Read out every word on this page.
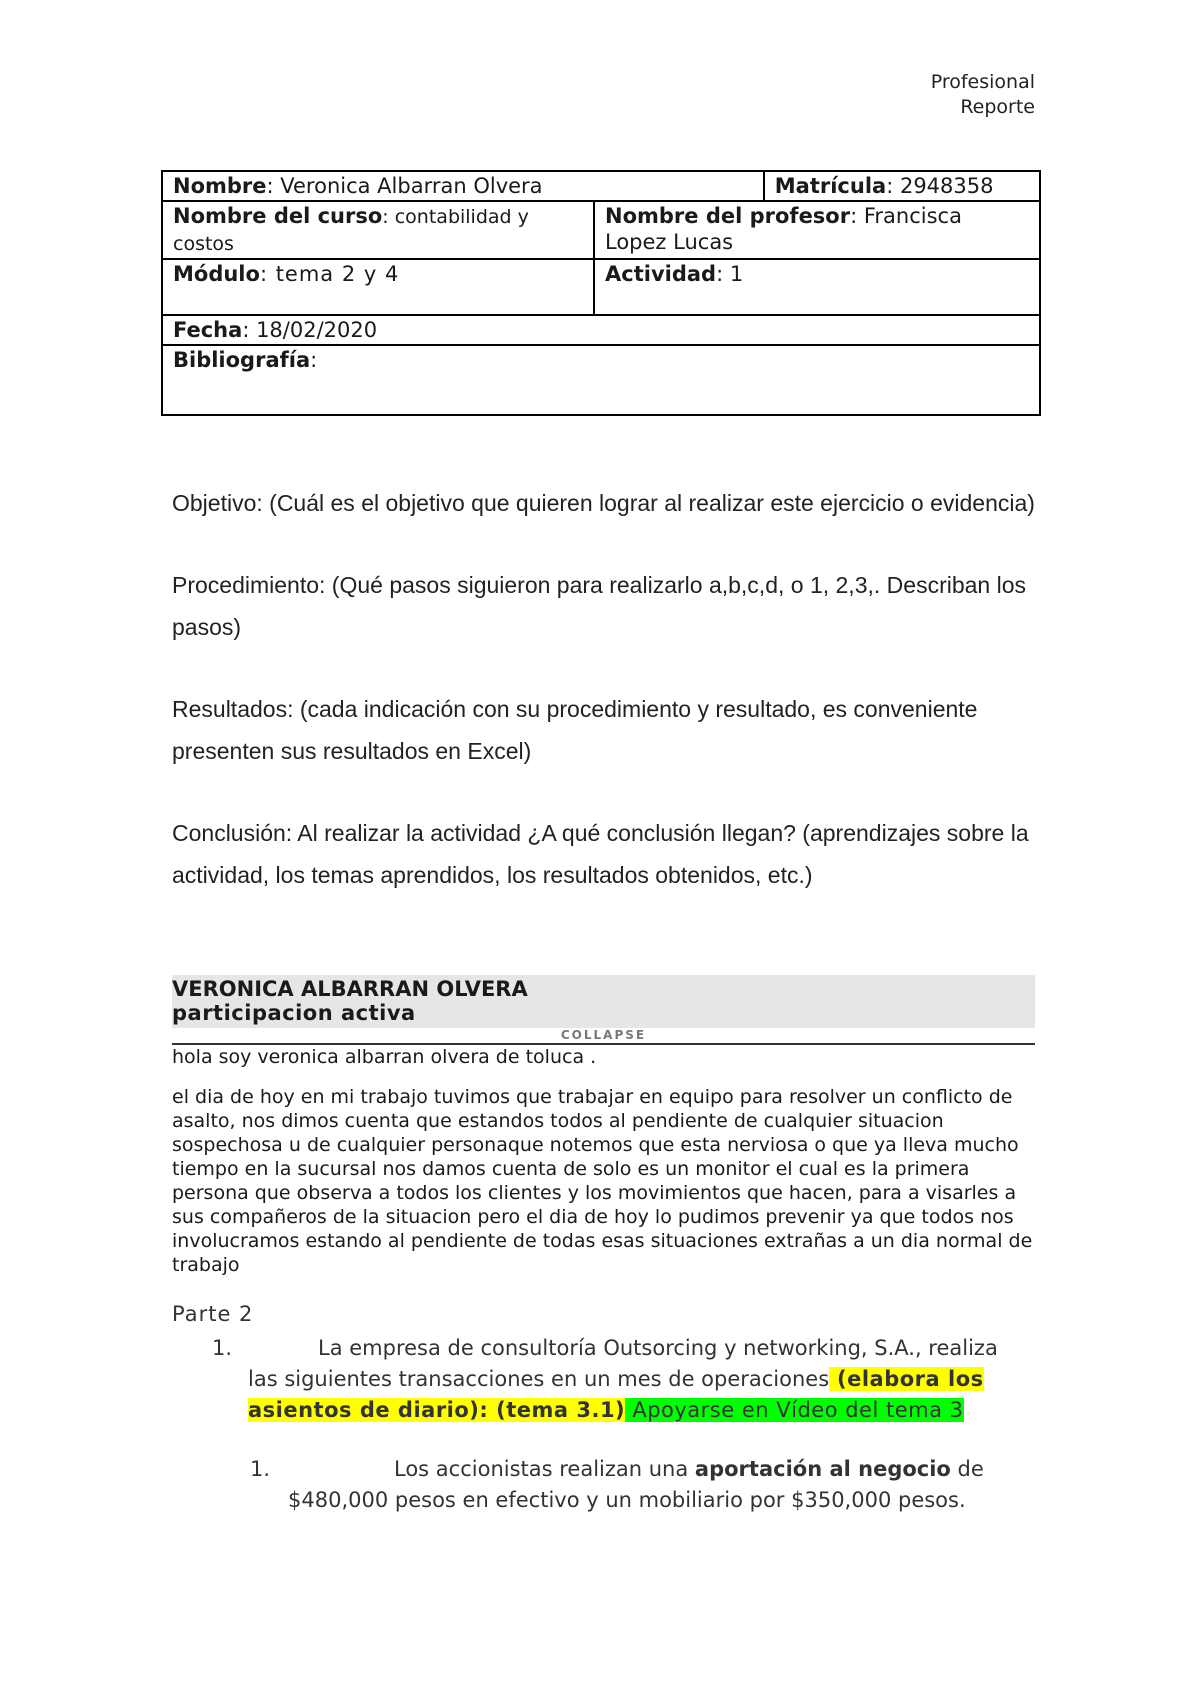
Profesional
Reporte
Nombre: Veronica Albarran Olvera		Matrícula: 2948358
Nombre del curso: contabilidad y costos	Nombre del profesor: Francisca Lopez Lucas	
Módulo: tema 2 y 4	Actividad: 1	
Fecha: 18/02/2020		
Bibliografía:		

Objetivo: (Cuál es el objetivo que quieren lograr al realizar este ejercicio o evidencia)

Procedimiento: (Qué pasos siguieron para realizarlo a,b,c,d, o 1, 2,3,. Describan los pasos)

Resultados: (cada indicación con su procedimiento y resultado, es conveniente presenten sus resultados en Excel)

Conclusión: Al realizar la actividad ¿A qué conclusión llegan? (aprendizajes sobre la actividad, los temas aprendidos, los resultados obtenidos, etc.)

VERONICA ALBARRAN OLVERA
participacion activa
COLLAPSE

hola soy veronica albarran olvera de toluca .

el dia de hoy en mi trabajo tuvimos que trabajar en equipo para resolver un conflicto de asalto, nos dimos cuenta que estandos todos al pendiente de cualquier situacion sospechosa u de cualquier personaque notemos que esta nerviosa o que ya lleva mucho tiempo en la sucursal nos damos cuenta de solo es un monitor el cual es la primera persona que observa a todos los clientes y los movimientos que hacen, para a visarles a sus compañeros de la situacion pero el dia de hoy lo pudimos prevenir ya que todos nos involucramos estando al pendiente de todas esas situaciones extrañas a un dia normal de trabajo

Parte 2
1.	La empresa de consultoría Outsorcing y networking, S.A., realiza las siguientes transacciones en un mes de operaciones (elabora los asientos de diario): (tema 3.1) Apoyarse en Vídeo del tema 3
1.	Los accionistas realizan una aportación al negocio de $480,000 pesos en efectivo y un mobiliario por $350,000 pesos.
